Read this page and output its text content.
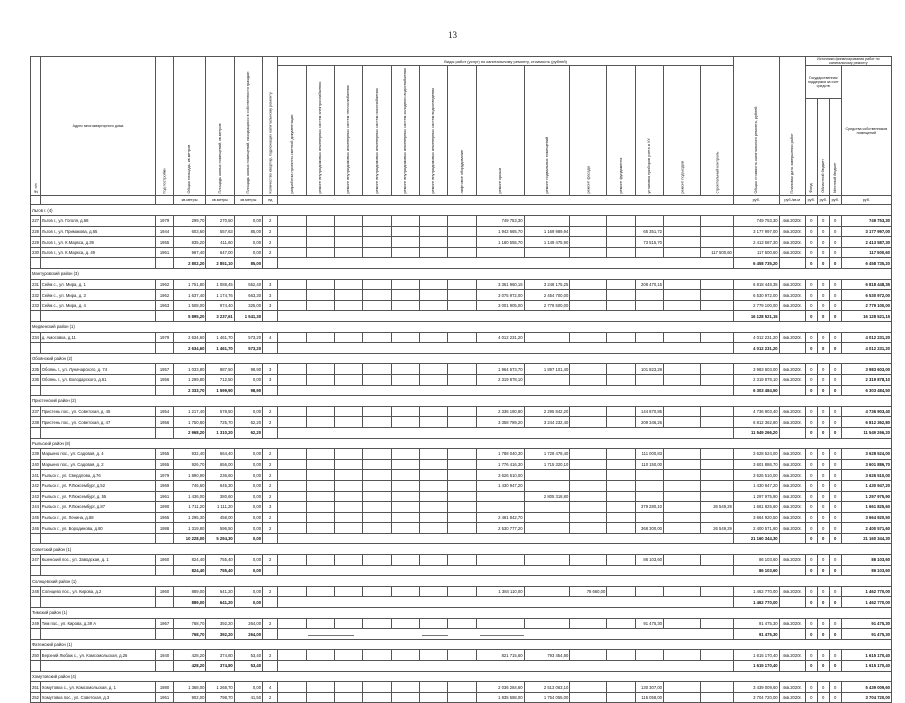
13
№ п/п	Адрес многоквартирного дома	Год постройки	Общая площадь, кв.метров	Площадь жилых помещений, кв.метров	Площадь жилых помещений, находящихся в собственности граждан	Количество квартир, подлежащих капитальному ремонту	Виды работ (услуг) по капитальному ремонту, стоимость (рублей)														Общая стоимость капитального ремонта, рублей	Плановая дата завершения работ	Источники финансирования работ по капитальному ремонту			
							разработка проектно-сметной документации	ремонт внутридомовых инженерных систем электроснабжения	ремонт внутридомовых инженерных систем теплоснабжения	ремонт внутридомовых инженерных систем газоснабжения	ремонт внутридомовых инженерных систем холодного водоснабжения	ремонт внутридомовых инженерных систем водоотведения	лифтовое оборудование	ремонт крыши	ремонт подвальных помещений	ремонт фасада	ремонт фундамента	установка приборов учета и УУ	ремонт подъездов	строительный контроль			Государственная поддержка за счет средств			Средства собственников помещений
																							Фонд	Областной бюджет	Местный бюджет	
			кв.метры	кв.метры	кв.метры	ед															руб.	руб./кв.м	руб.	руб.	руб.	руб.
Льгов г. (4)																										
227	Льгов г., ул. Гоголя, д.68	1979	299,70	270,50	0,00	2								749 753,30							749 753,30	4кв.2020г.	0	0	0	749 753,30
228	Льгов г., ул. Примакова, д.65	1944	603,60	557,63	85,00	2								1 942 665,70	1 169 989,94			65 351,72			3 177 997,00	4кв.2020г.	0	0	0	3 177 997,00
229	Льгов г., ул. К.Маркса, д.39	1955	835,20	411,60	0,00	2								1 180 555,70	1 149 475,90			73 515,70			2 413 587,30	4кв.2020г.	0	0	0	2 413 587,30
230	Льгов г., ул. К.Маркса, д. 49	1961	967,40	647,00	0,00	2														117 500,60	117 500,60	4кв.2020г.	0	0	0	117 500,60
			2 802,20	2 851,10	85,00																6 458 735,20		0	0	0	6 458 735,20
Мантуровский район (3)																										
231	Сейм с., ул. Мира, д. 1	1962	1 751,80	1 088,45	552,40	3								3 361 960,15	3 248 175,25			208 470,15			6 818 448,35	4кв.2020г.	0	0	0	6 818 448,35
232	Сейм с., ул. Мира, д. 3	1962	1 637,40	1 174,76	663,30	3								3 075 972,00	2 454 700,00						6 530 972,00	4кв.2020г.	0	0	0	6 530 972,00
233	Сейм с., ул. Мира, д. 4	1963	1 508,00	974,40	325,00	3								3 001 905,00	2 778 500,00						2 779 100,00	4кв.2020г.	0	0	0	2 779 100,00
			5 895,20	3 237,61	1 541,30																16 128 521,15		0	0	0	16 128 521,15
Медвенский район (1)																										
234	д. Амосовка, д.11	1979	2 634,60	1 461,70	573,20	4								4 012 231,20							4 012 231,20	4кв.2020г.	0	0	0	4 012 231,20
			2 634,60	1 461,70	573,20																4 012 231,20		0	0	0	4 012 231,20
Обоянский район (2)																										
235	Обоянь г., ул. Луначарского, д. 74	1957	1 033,80	887,50	98,90	3								1 964 673,70	1 897 101,40			101 823,28			3 983 603,00	4кв.2020г.	0	0	0	3 983 603,00
236	Обоянь г., ул. Володарского, д.61	1956	1 299,80	712,50	0,00	3								2 319 878,10							2 319 878,10	4кв.2020г.	0	0	0	2 319 878,10
			2 333,70	1 599,90	98,90																6 303 484,50		0	0	0	6 303 484,50
Пристенский район (2)																										
237	Пристень пос., ул. Советская, д. 45	1954	1 217,40	578,50	0,00	2								2 336 180,80	2 295 842,20			144 870,85			4 736 903,40	4кв.2020г.	0	0	0	4 736 903,40
238	Пристень пос., ул. Советская, д. 47	1956	1 750,80	725,70	62,20	2								3 358 789,20	3 244 232,40			209 346,26			6 812 362,80	4кв.2020г.	0	0	0	6 812 362,80
			2 968,20	1 310,20	62,20																11 549 266,20		0	0	0	11 549 266,20
Рыльский район (8)																										
239	Марьино пос., ул. Садовая, д. 4	1955	932,40	664,40	0,00	2								1 788 040,30	1 728 478,40			111 000,83			3 628 524,00	4кв.2020г.	0	0	0	3 628 524,00
240	Марьино пос., ул. Садовая, д. 2	1955	926,70	656,00	0,00	2								1 776 416,30	1 715 320,10			110 150,00			3 601 886,70	4кв.2020г.	0	0	0	3 601 886,70
241	Рыльск г., ул. Свердлова, д.76	1979	1 890,90	236,60	0,00	2								3 626 510,00							3 626 510,00	4кв.2020г.	0	0	0	3 626 510,00
242	Рыльск г., ул. Р.Люксембург, д.52	1969	746,60	645,30	0,00	2								1 430 947,20							1 430 947,20	4кв.2020г.	0	0	0	1 430 947,20
243	Рыльск г., ул. Р.Люксембург, д. 55	1961	1 436,00	380,60	0,00	2									2 805 318,80						1 297 975,90	4кв.2020г.	0	0	0	1 297 975,90
244	Рыльск г., ул. Р.Люксембург, д.87	1990	1 711,20	1 111,20	0,00	3												379 280,10		26 549,29	1 661 825,60	4кв.2020г.	0	0	0	1 661 825,60
245	Рыльск г., ул. Ленина, д.68	1965	1 295,30	458,00	0,00	2								2 461 842,70							3 664 920,50	4кв.2020г.	0	0	0	3 664 920,50
246	Рыльск г., ул. Бородинова, д.80	1988	1 319,80	596,50	0,00	2								2 530 777,20				368 300,00		26 549,29	2 400 571,60	4кв.2020г.	0	0	0	2 400 571,60
			10 228,00	5 294,30	0,00																21 160 344,30		0	0	0	21 160 344,30
Советский район (1)																										
247	Кшенский пос., ул. Заводская, д. 1	1960	824,40	755,40	0,00	2												86 103,60			86 103,60	4кв.2020г.	0	0	0	86 103,60
			824,40	755,40	0,00																86 103,60		0	0	0	86 103,60
Солнцевский район (1)																										
248	Солнцево пос., ул. Кирова, д.2	1960	889,00	641,20	0,00	2								1 384 110,00		78 660,00					1 462 770,00	4кв.2020г.	0	0	0	1 462 770,00
			889,00	641,20	0,00																1 462 770,00		0	0	0	1 462 770,00
Тимский район (1)																										
249	Тим пос., ул. Кирова, д.39 А	1967	768,70	392,20	264,00	2												91 475,30			91 475,30	4кв.2020г.	0	0	0	91 475,30
			768,70	392,20	264,00																91 475,30		0	0	0	91 475,30
Фатежский район (1)																										
250	Верхний Любаж с., ул. Комсомольская, д.26	1940	428,20	374,80	53,40	2								821 715,60	793 454,80						1 615 170,40	4кв.2020г.	0	0	0	1 615 170,40
			428,20	374,80	53,40																1 615 170,40		0	0	0	1 615 170,40
Хомутовский район (4)																										
251	Хомутовка с., ул. Комсомольская, д. 1	1980	1 368,00	1 268,70	0,00	4								2 036 284,60	2 513 063,10			130 307,00			3 439 009,60	4кв.2020г.	0	0	0	5 439 009,60
252	Хомутовка пос., ул. Советская, д.3	1961	902,00	798,70	41,50	2								1 835 588,00	1 754 055,00			115 058,00			3 704 720,00	4кв.2020г.	0	0	0	3 704 720,00
